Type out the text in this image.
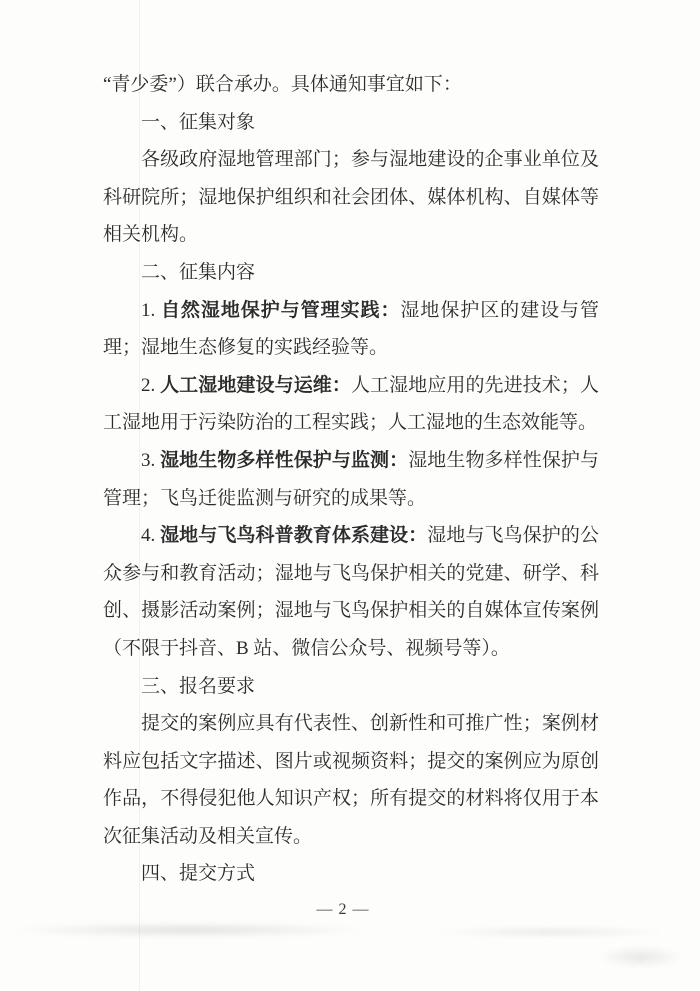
“青少委”）联合承办。具体通知事宜如下：

一、征集对象

各级政府湿地管理部门；参与湿地建设的企事业单位及科研院所；湿地保护组织和社会团体、媒体机构、自媒体等相关机构。

二、征集内容

1. 自然湿地保护与管理实践：湿地保护区的建设与管理；湿地生态修复的实践经验等。

2. 人工湿地建设与运维：人工湿地应用的先进技术；人工湿地用于污染防治的工程实践；人工湿地的生态效能等。

3. 湿地生物多样性保护与监测：湿地生物多样性保护与管理；飞鸟迁徙监测与研究的成果等。

4. 湿地与飞鸟科普教育体系建设：湿地与飞鸟保护的公众参与和教育活动；湿地与飞鸟保护相关的党建、研学、科创、摄影活动案例；湿地与飞鸟保护相关的自媒体宣传案例（不限于抖音、B 站、微信公众号、视频号等）。

三、报名要求

提交的案例应具有代表性、创新性和可推广性；案例材料应包括文字描述、图片或视频资料；提交的案例应为原创作品，不得侵犯他人知识产权；所有提交的材料将仅用于本次征集活动及相关宣传。

四、提交方式

— 2 —
